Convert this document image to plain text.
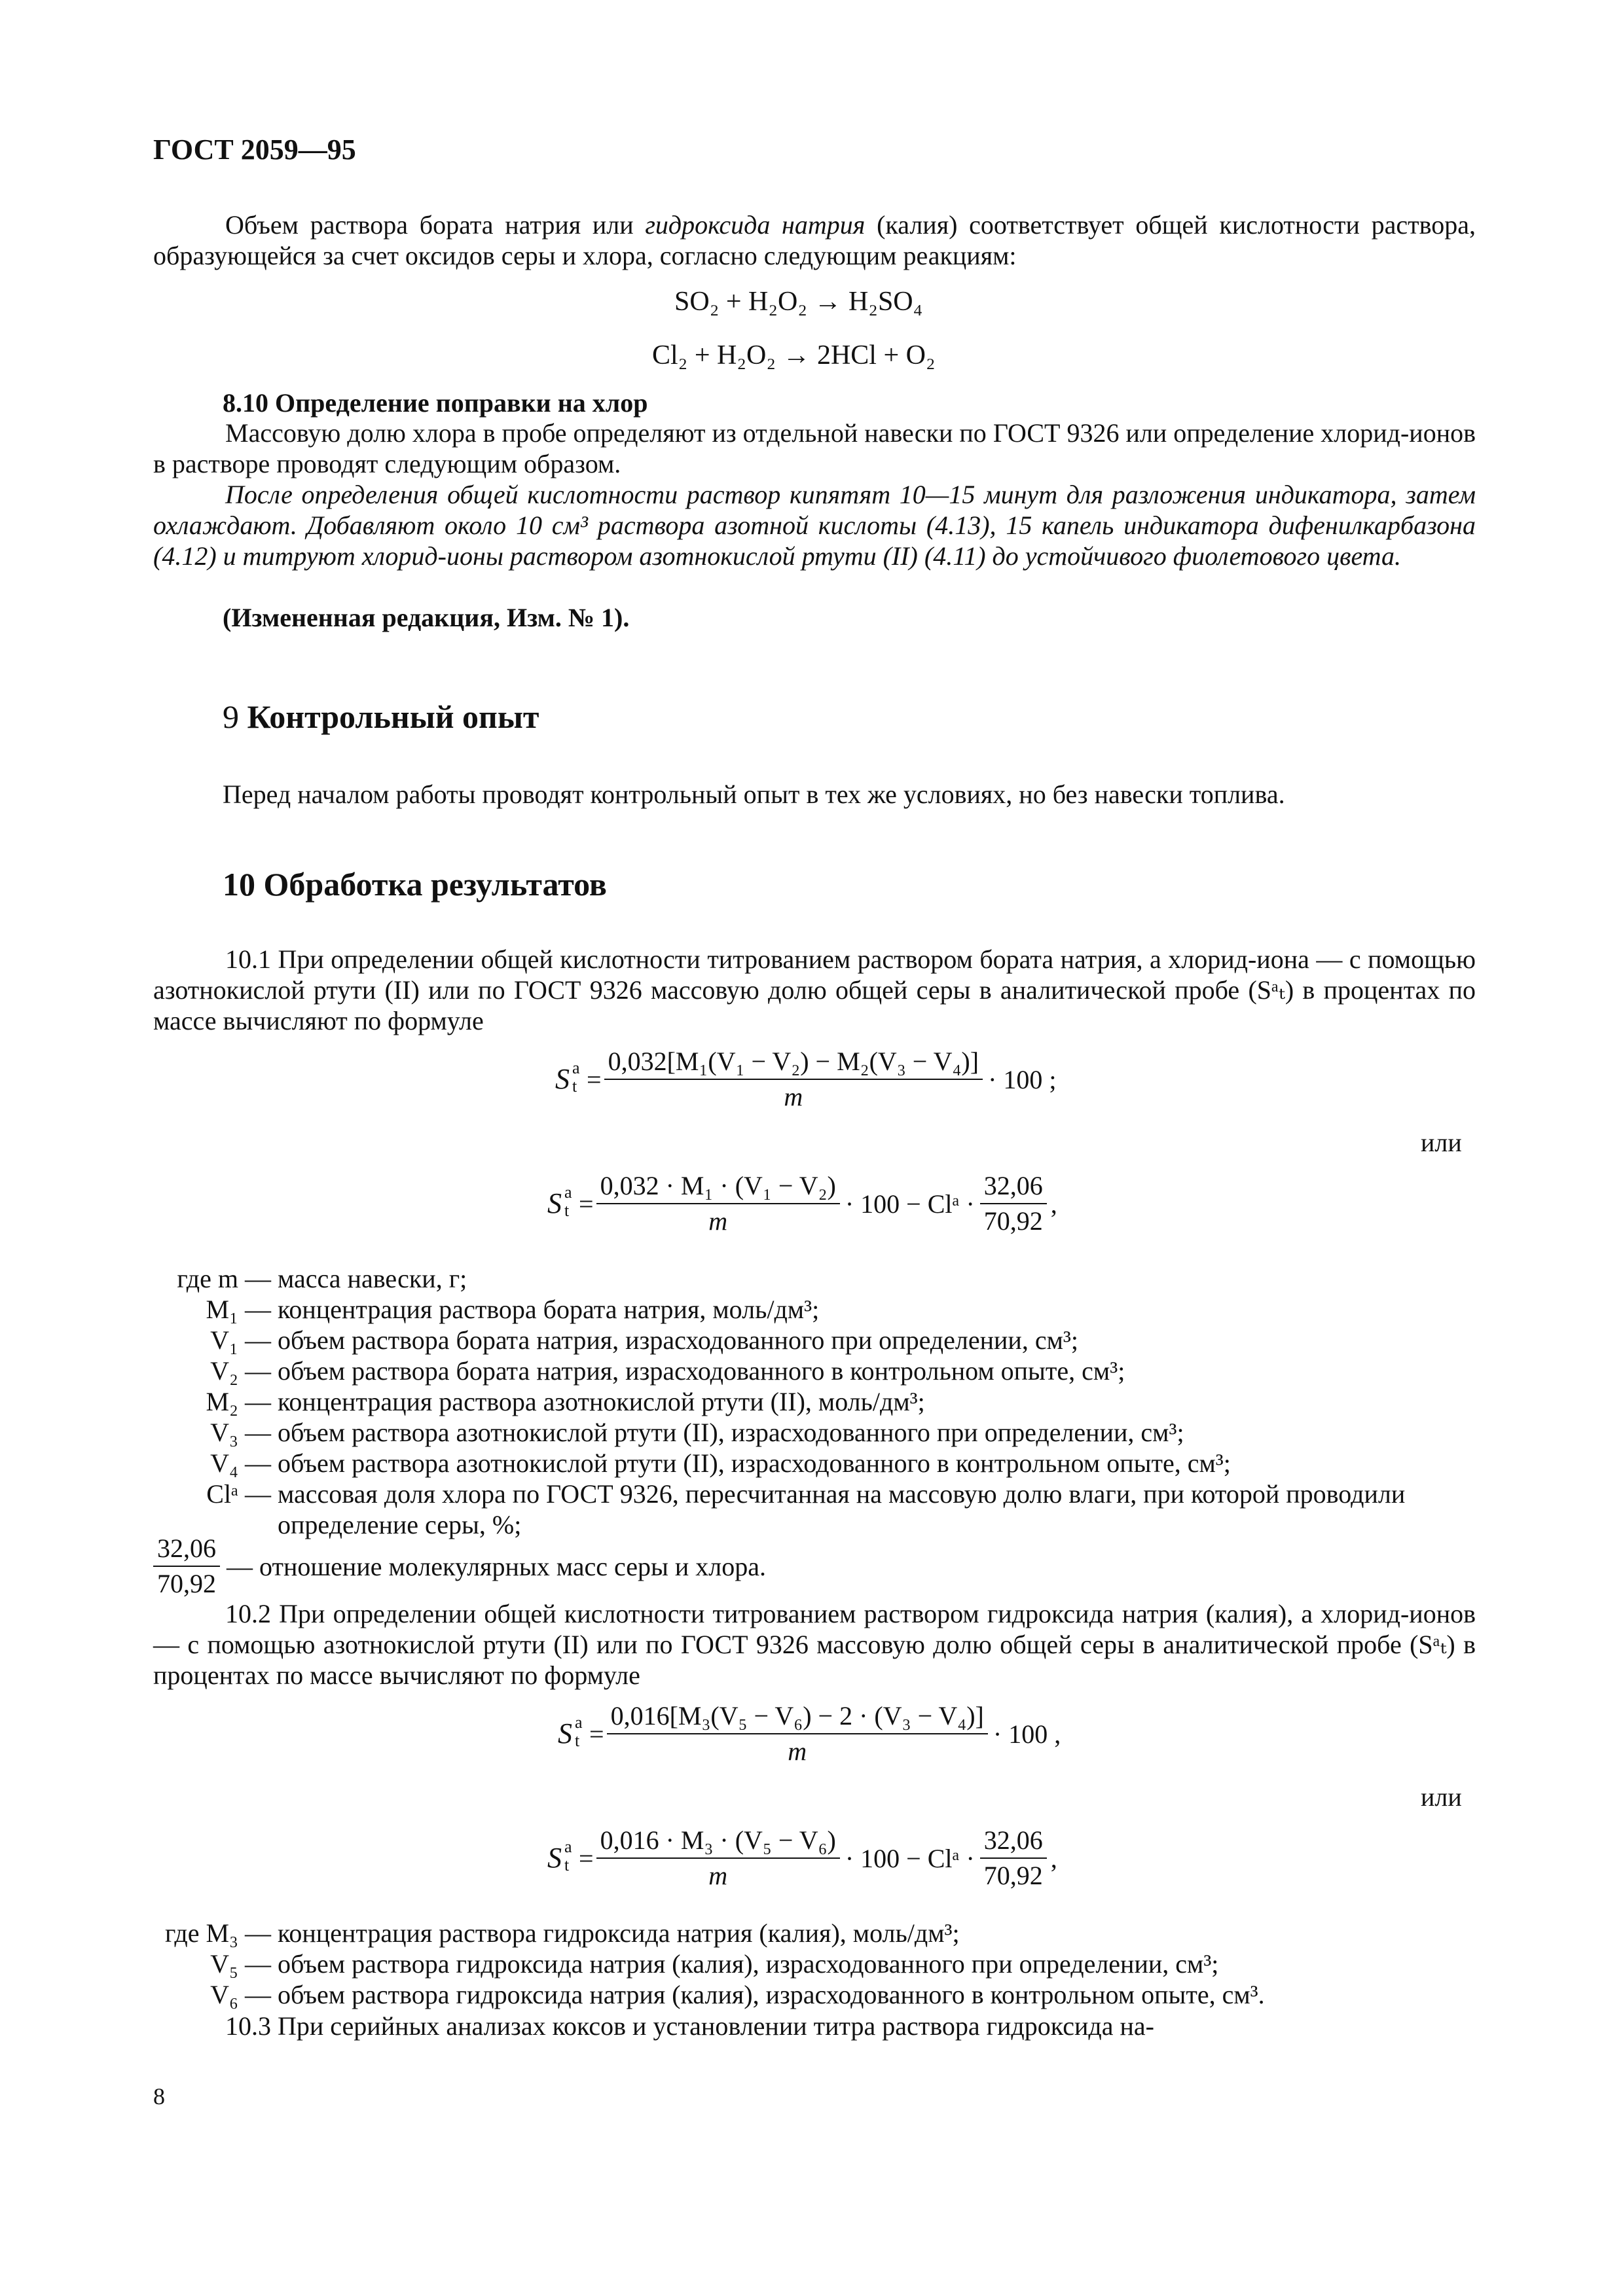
ГОСТ 2059—95
Объем раствора бората натрия или гидроксида натрия (калия) соответствует общей кислотности раствора, образующейся за счет оксидов серы и хлора, согласно следующим реакциям:
SO₂ + H₂O₂ → H₂SO₄
Cl₂ + H₂O₂ → 2HCl + O₂
8.10 Определение поправки на хлор
Массовую долю хлора в пробе определяют из отдельной навески по ГОСТ 9326 или определение хлорид-ионов в растворе проводят следующим образом.
После определения общей кислотности раствор кипятят 10—15 минут для разложения индикатора, затем охлаждают. Добавляют около 10 см³ раствора азотной кислоты (4.13), 15 капель индикатора дифенилкарбазона (4.12) и титруют хлорид-ионы раствором азотнокислой ртути (II) (4.11) до устойчивого фиолетового цвета.
(Измененная редакция, Изм. № 1).
9 Контрольный опыт
Перед началом работы проводят контрольный опыт в тех же условиях, но без навески топлива.
10 Обработка результатов
10.1 При определении общей кислотности титрованием раствором бората натрия, а хлорид-иона — с помощью азотнокислой ртути (II) или по ГОСТ 9326 массовую долю общей серы в аналитической пробе (Sᵃₜ) в процентах по массе вычисляют по формуле
S a
$t = \frac{\text{0,032[M₁(V₁ − V₂) − M₂(V₃ − V₄)]}}{m} \cdot 100$ ;
или
S a
$t = \frac{\text{0,032 · M₁ · (V₁ − V₂)}}{m} \cdot 100$ − Clᵃ · $\frac{32,06}{70,92}$ ,
где m — масса навески, г;
M₁ — концентрация раствора бората натрия, моль/дм³;
V₁ — объем раствора бората натрия, израсходованного при определении, см³;
V₂ — объем раствора бората натрия, израсходованного в контрольном опыте, см³;
M₂ — концентрация раствора азотнокислой ртути (II), моль/дм³;
V₃ — объем раствора азотнокислой ртути (II), израсходованного при определении, см³;
V₄ — объем раствора азотнокислой ртути (II), израсходованного в контрольном опыте, см³;
Clᵃ — массовая доля хлора по ГОСТ 9326, пересчитанная на массовую долю влаги, при которой проводили определение серы, %;
$\frac{32,06}{70,92}$ — отношение молекулярных масс серы и хлора.
10.2 При определении общей кислотности титрованием раствором гидроксида натрия (калия), а хлорид-ионов — с помощью азотнокислой ртути (II) или по ГОСТ 9326 массовую долю общей серы в аналитической пробе (Sᵃₜ) в процентах по массе вычисляют по формуле
S a
$t = \frac{\text{0,016[M₃(V₅ − V₆) − 2 · (V₃ − V₄)]}}{m} \cdot 100$ ,
или
S a
$t = \frac{\text{0,016 · M₃ · (V₅ − V₆)}}{m} \cdot 100$ − Clᵃ · $\frac{32,06}{70,92}$ ,
где M₃ — концентрация раствора гидроксида натрия (калия), моль/дм³;
V₅ — объем раствора гидроксида натрия (калия), израсходованного при определении, см³;
V₆ — объем раствора гидроксида натрия (калия), израсходованного в контрольном опыте, см³.
10.3 При серийных анализах коксов и установлении титра раствора гидроксида на-
8
